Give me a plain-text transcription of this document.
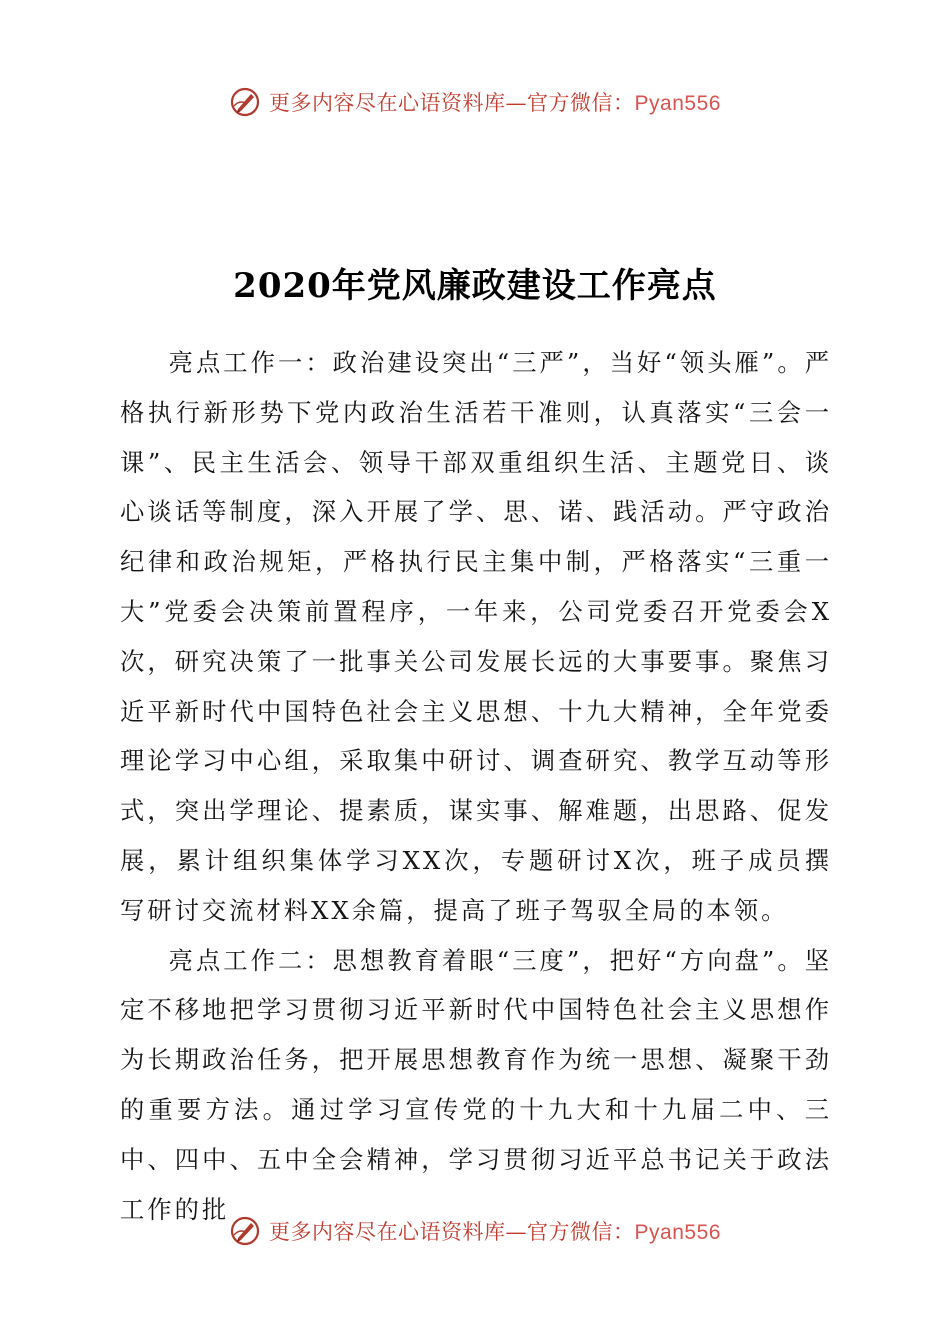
更多内容尽在心语资料库—官方微信：Pyan556
2020年党风廉政建设工作亮点

亮点工作一：政治建设突出“三严”，当好“领头雁”。严格执行新形势下党内政治生活若干准则，认真落实“三会一课”、民主生活会、领导干部双重组织生活、主题党日、谈心谈话等制度，深入开展了学、思、诺、践活动。严守政治纪律和政治规矩，严格执行民主集中制，严格落实“三重一大”党委会决策前置程序，一年来，公司党委召开党委会X次，研究决策了一批事关公司发展长远的大事要事。聚焦习近平新时代中国特色社会主义思想、十九大精神，全年党委理论学习中心组，采取集中研讨、调查研究、教学互动等形式，突出学理论、提素质，谋实事、解难题，出思路、促发展，累计组织集体学习XX次，专题研讨X次，班子成员撰写研讨交流材料XX余篇，提高了班子驾驭全局的本领。

亮点工作二：思想教育着眼“三度”，把好“方向盘”。坚定不移地把学习贯彻习近平新时代中国特色社会主义思想作为长期政治任务，把开展思想教育作为统一思想、凝聚干劲的重要方法。通过学习宣传党的十九大和十九届二中、三中、四中、五中全会精神，学习贯彻习近平总书记关于政法工作的批

更多内容尽在心语资料库—官方微信：Pyan556
